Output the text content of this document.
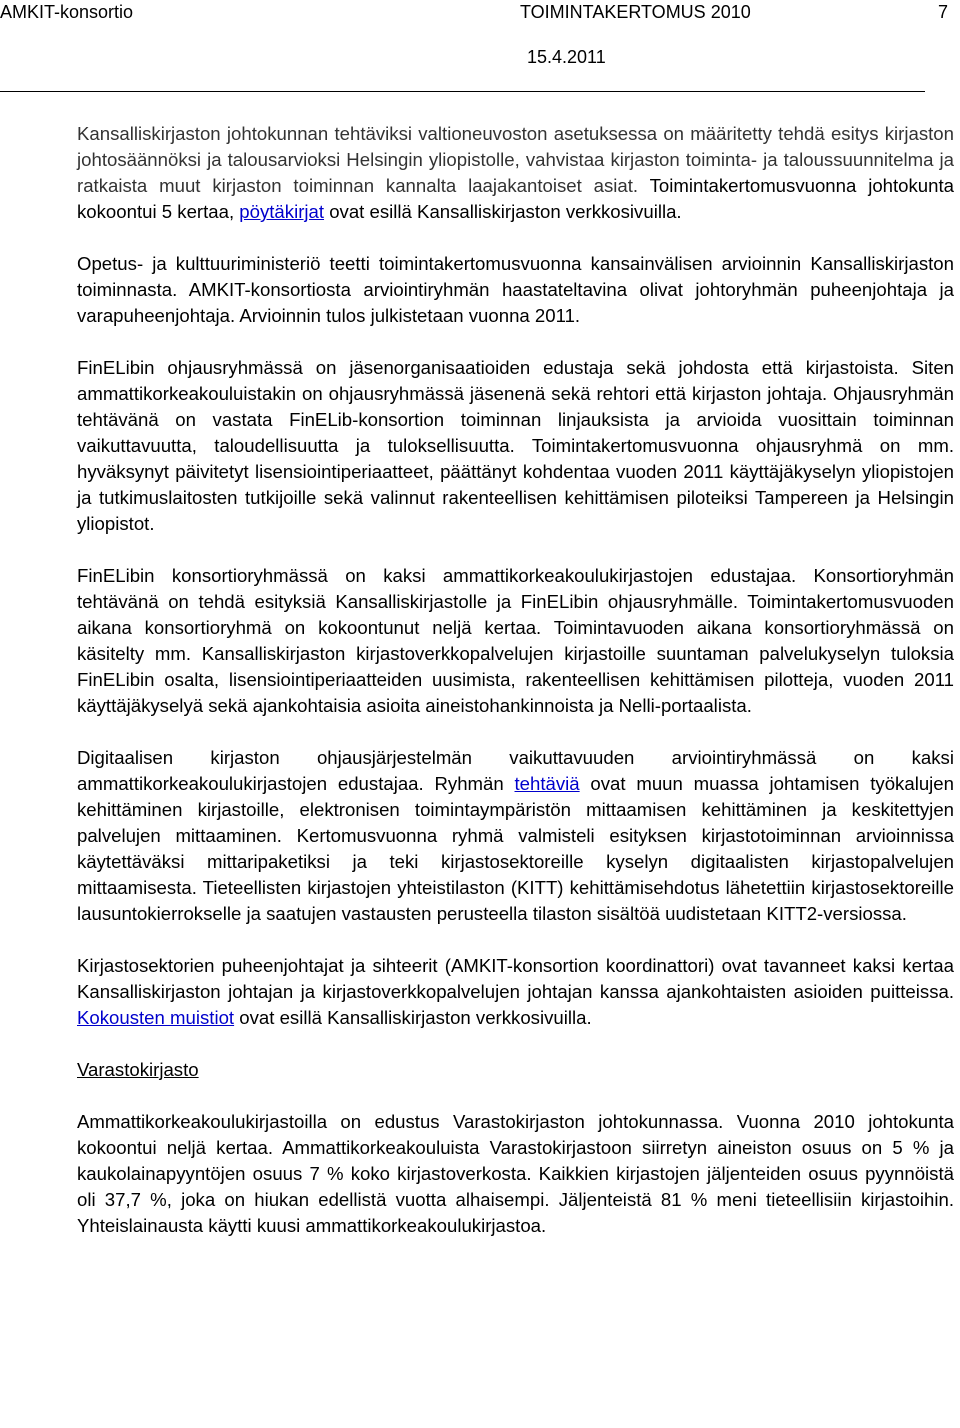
AMKIT-konsortio	TOIMINTAKERTOMUS 2010	7
15.4.2011

Kansalliskirjaston johtokunnan tehtäviksi valtioneuvoston asetuksessa on määritetty tehdä esitys kirjaston johtosäännöksi ja talousarvioksi Helsingin yliopistolle, vahvistaa kirjaston toiminta- ja taloussuunnitelma ja ratkaista muut kirjaston toiminnan kannalta laajakantoiset asiat. Toimintakertomusvuonna johtokunta kokoontui 5 kertaa, pöytäkirjat ovat esillä Kansalliskirjaston verkkosivuilla.

Opetus- ja kulttuuriministeriö teetti toimintakertomusvuonna kansainvälisen arvioinnin Kansalliskirjaston toiminnasta. AMKIT-konsortiosta arviointiryhmän haastateltavina olivat johtoryhmän puheenjohtaja ja varapuheenjohtaja. Arvioinnin tulos julkistetaan vuonna 2011.

FinELibin ohjausryhmässä on jäsenorganisaatioiden edustaja sekä johdosta että kirjastoista. Siten ammattikorkeakouluistakin on ohjausryhmässä jäsenenä sekä rehtori että kirjaston johtaja. Ohjausryhmän tehtävänä on vastata FinELib-konsortion toiminnan linjauksista ja arvioida vuosittain toiminnan vaikuttavuutta, taloudellisuutta ja tuloksellisuutta. Toimintakertomusvuonna ohjausryhmä on mm. hyväksynyt päivitetyt lisensiointiperiaatteet, päättänyt kohdentaa vuoden 2011 käyttäjäkyselyn yliopistojen ja tutkimuslaitosten tutkijoille sekä valinnut rakenteellisen kehittämisen piloteiksi Tampereen ja Helsingin yliopistot.

FinELibin konsortioryhmässä on kaksi ammattikorkeakoulukirjastojen edustajaa. Konsortioryhmän tehtävänä on tehdä esityksiä Kansalliskirjastolle ja FinELibin ohjausryhmälle. Toimintakertomusvuoden aikana konsortioryhmä on kokoontunut neljä kertaa. Toimintavuoden aikana konsortioryhmässä on käsitelty mm. Kansalliskirjaston kirjastoverkkopalvelujen kirjastoille suuntaman palvelukyselyn tuloksia FinELibin osalta, lisensiointiperiaatteiden uusimista, rakenteellisen kehittämisen pilotteja, vuoden 2011 käyttäjäkyselyä sekä ajankohtaisia asioita aineistohankinnoista ja Nelli-portaalista.

Digitaalisen kirjaston ohjausjärjestelmän vaikuttavuuden arviointiryhmässä on kaksi ammattikorkeakoulukirjastojen edustajaa. Ryhmän tehtäviä ovat muun muassa johtamisen työkalujen kehittäminen kirjastoille, elektronisen toimintaympäristön mittaamisen kehittäminen ja keskitettyjen palvelujen mittaaminen. Kertomusvuonna ryhmä valmisteli esityksen kirjastotoiminnan arvioinnissa käytettäväksi mittaripaketiksi ja teki kirjastosektoreille kyselyn digitaalisten kirjastopalvelujen mittaamisesta. Tieteellisten kirjastojen yhteistilaston (KITT) kehittämisehdotus lähetettiin kirjastosektoreille lausuntokierrokselle ja saatujen vastausten perusteella tilaston sisältöä uudistetaan KITT2-versiossa.

Kirjastosektorien puheenjohtajat ja sihteerit (AMKIT-konsortion koordinattori) ovat tavanneet kaksi kertaa Kansalliskirjaston johtajan ja kirjastoverkkopalvelujen johtajan kanssa ajankohtaisten asioiden puitteissa. Kokousten muistiot ovat esillä Kansalliskirjaston verkkosivuilla.

Varastokirjasto

Ammattikorkeakoulukirjastoilla on edustus Varastokirjaston johtokunnassa. Vuonna 2010 johtokunta kokoontui neljä kertaa. Ammattikorkeakouluista Varastokirjastoon siirretyn aineiston osuus on 5 % ja kaukolainapyyntöjen osuus 7 % koko kirjastoverkosta. Kaikkien kirjastojen jäljenteiden osuus pyynnöistä oli 37,7 %, joka on hiukan edellistä vuotta alhaisempi. Jäljenteistä 81 % meni tieteellisiin kirjastoihin. Yhteislainausta käytti kuusi ammattikorkeakoulukirjastoa.
